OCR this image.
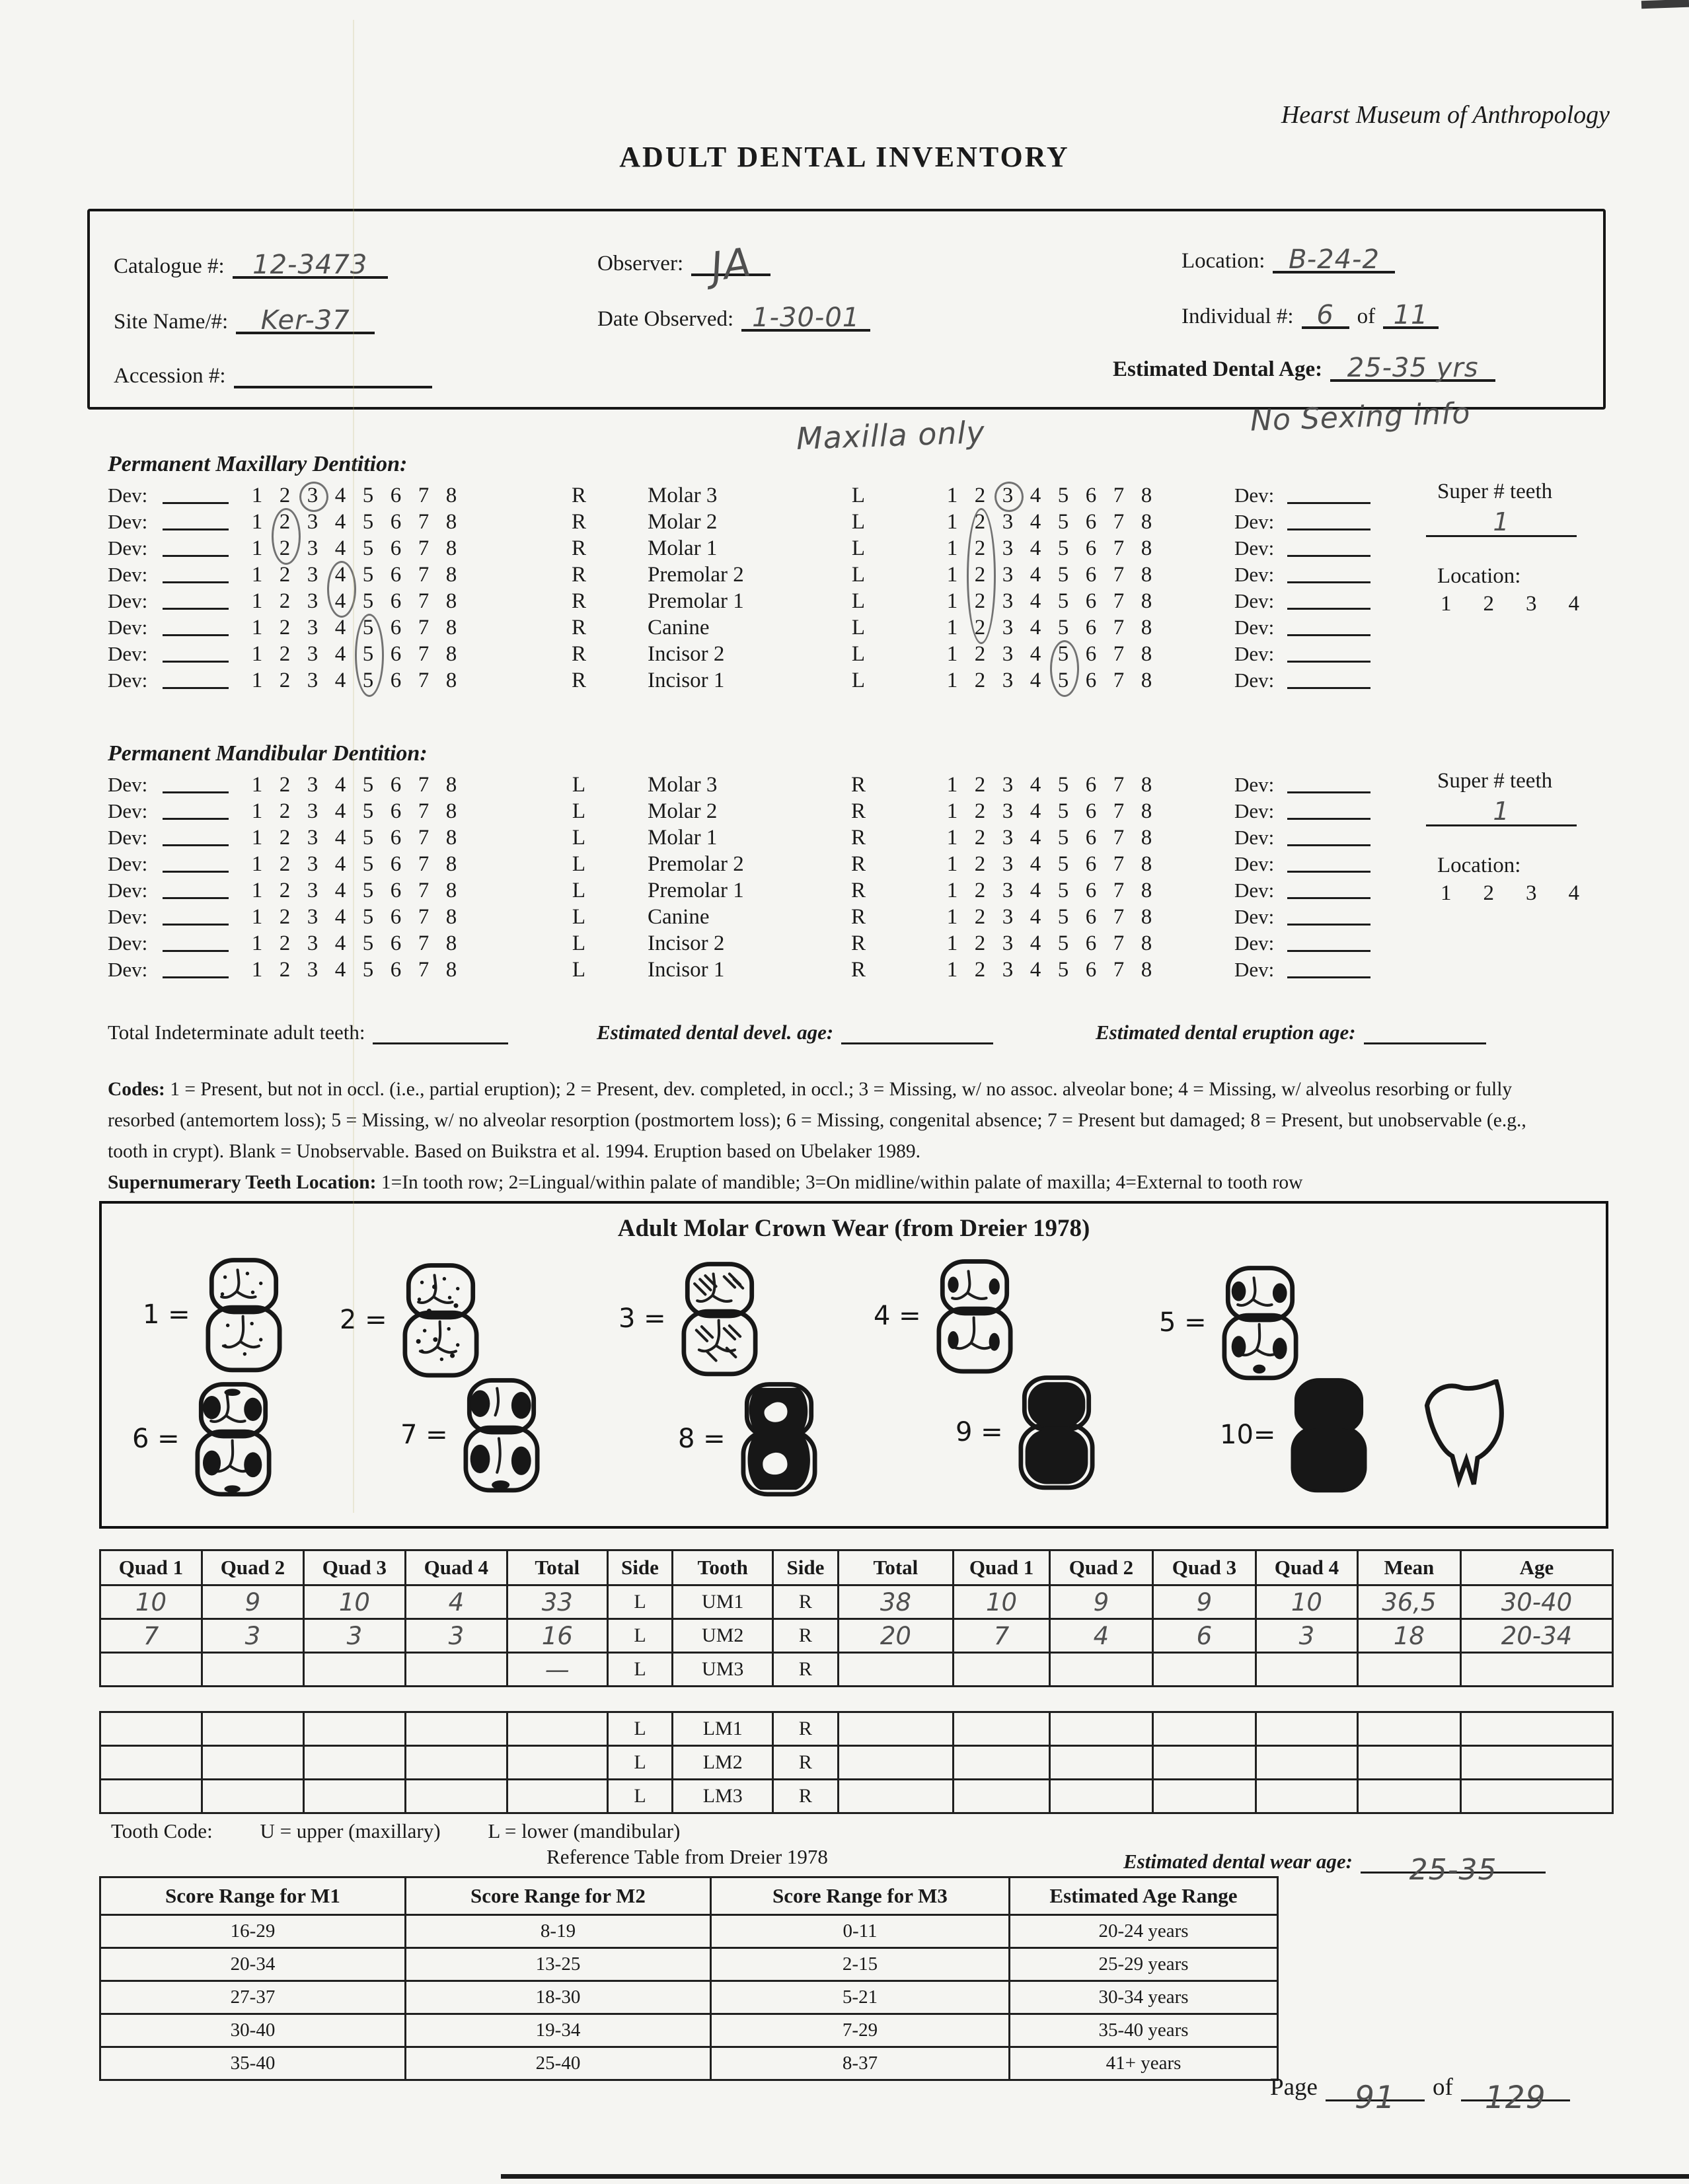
Hearst Museum of Anthropology
ADULT DENTAL INVENTORY
Catalogue #:	12-3473
Site Name/#:	Ker-37
Accession #:
Observer: JA
Date Observed: 1-30-01
Location: B-24-2
Individual #: 6	of 11
Estimated Dental Age: 25-35 yrs
Maxilla only	No Sexing info
Permanent Maxillary Dentition:
Dev:	1 2 3 4 5 6 7 8	R	Molar 3	L	1 2 3 4 5 6 7 8	Dev:
Dev:	1 2 3 4 5 6 7 8	R	Molar 2	L	1 2 3 4 5 6 7 8	Dev:
Dev:	1 2 3 4 5 6 7 8	R	Molar 1	L	1 2 3 4 5 6 7 8	Dev:
Dev:	1 2 3 4 5 6 7 8	R	Premolar 2	L	1 2 3 4 5 6 7 8	Dev:
Dev:	1 2 3 4 5 6 7 8	R	Premolar 1	L	1 2 3 4 5 6 7 8	Dev:
Dev:	1 2 3 4 5 6 7 8	R	Canine	L	1 2 3 4 5 6 7 8	Dev:
Dev:	1 2 3 4 5 6 7 8	R	Incisor 2	L	1 2 3 4 5 6 7 8	Dev:
Dev:	1 2 3 4 5 6 7 8	R	Incisor 1	L	1 2 3 4 5 6 7 8	Dev:
Super # teeth
1
Location:
1 2 3 4
Permanent Mandibular Dentition:
Dev:	1 2 3 4 5 6 7 8	L	Molar 3	R	1 2 3 4 5 6 7 8	Dev:
Dev:	1 2 3 4 5 6 7 8	L	Molar 2	R	1 2 3 4 5 6 7 8	Dev:
Dev:	1 2 3 4 5 6 7 8	L	Molar 1	R	1 2 3 4 5 6 7 8	Dev:
Dev:	1 2 3 4 5 6 7 8	L	Premolar 2	R	1 2 3 4 5 6 7 8	Dev:
Dev:	1 2 3 4 5 6 7 8	L	Premolar 1	R	1 2 3 4 5 6 7 8	Dev:
Dev:	1 2 3 4 5 6 7 8	L	Canine	R	1 2 3 4 5 6 7 8	Dev:
Dev:	1 2 3 4 5 6 7 8	L	Incisor 2	R	1 2 3 4 5 6 7 8	Dev:
Dev:	1 2 3 4 5 6 7 8	L	Incisor 1	R	1 2 3 4 5 6 7 8	Dev:
Super # teeth
1
Location:
1 2 3 4
Total Indeterminate adult teeth:	Estimated dental devel. age:	Estimated dental eruption age:

Codes: 1 = Present, but not in occl. (i.e., partial eruption); 2 = Present, dev. completed, in occl.; 3 = Missing, w/ no assoc. alveolar bone; 4 = Missing, w/ alveolus resorbing or fully resorbed (antemortem loss); 5 = Missing, w/ no alveolar resorption (postmortem loss); 6 = Missing, congenital absence; 7 = Present but damaged; 8 = Present, but unobservable (e.g., tooth in crypt). Blank = Unobservable. Based on Buikstra et al. 1994. Eruption based on Ubelaker 1989.

Supernumerary Teeth Location: 1=In tooth row; 2=Lingual/within palate of mandible; 3=On midline/within palate of maxilla; 4=External to tooth row

Adult Molar Crown Wear (from Dreier 1978)
1 =	2 =	3 =	4 =	5 =
6 =	7 =	8 =	9 =	10=
Quad 1	Quad 2	Quad 3	Quad 4	Total	Side	Tooth	Side	Total	Quad 1	Quad 2	Quad 3	Quad 4	Mean	Age
10	9	10	4	33	L	UM1	R	38	10	9	9	10	36,5	30-40
7	3	3	3	16	L	UM2	R	20	7	4	6	3	18	20-34
				—	L	UM3	R							
					L	LM1	R							
					L	LM2	R							
					L	LM3	R							
Tooth Code: U = upper (maxillary) L = lower (mandibular)
Reference Table from Dreier 1978
Score Range for M1	Score Range for M2	Score Range for M3	Estimated Age Range
16-29	8-19	0-11	20-24 years
20-34	13-25	2-15	25-29 years
27-37	18-30	5-21	30-34 years
30-40	19-34	7-29	35-40 years
35-40	25-40	8-37	41+ years
Estimated dental wear age:	25-35
Page	91	of	129
